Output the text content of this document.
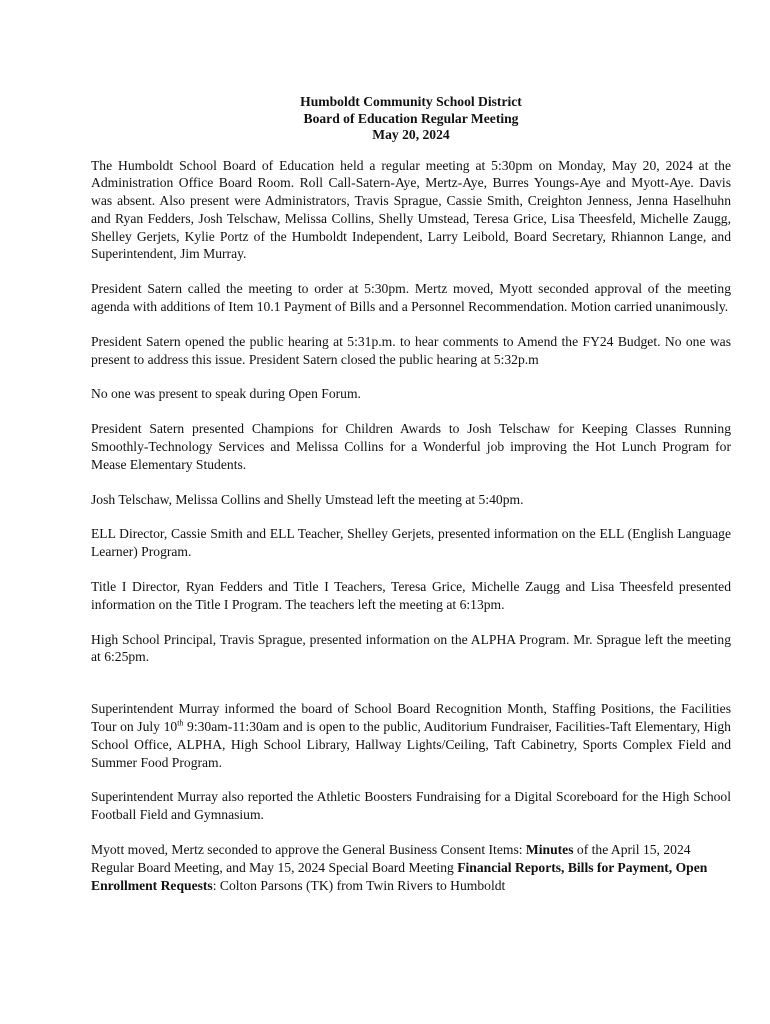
Humboldt Community School District
Board of Education Regular Meeting
May 20, 2024

The Humboldt School Board of Education held a regular meeting at 5:30pm on Monday, May 20, 2024 at the Administration Office Board Room. Roll Call-Satern-Aye, Mertz-Aye, Burres Youngs-Aye and Myott-Aye. Davis was absent. Also present were Administrators, Travis Sprague, Cassie Smith, Creighton Jenness, Jenna Haselhuhn and Ryan Fedders, Josh Telschaw, Melissa Collins, Shelly Umstead, Teresa Grice, Lisa Theesfeld, Michelle Zaugg, Shelley Gerjets, Kylie Portz of the Humboldt Independent, Larry Leibold, Board Secretary, Rhiannon Lange, and Superintendent, Jim Murray.

President Satern called the meeting to order at 5:30pm. Mertz moved, Myott seconded approval of the meeting agenda with additions of Item 10.1 Payment of Bills and a Personnel Recommendation. Motion carried unanimously.

President Satern opened the public hearing at 5:31p.m. to hear comments to Amend the FY24 Budget. No one was present to address this issue. President Satern closed the public hearing at 5:32p.m

No one was present to speak during Open Forum.

President Satern presented Champions for Children Awards to Josh Telschaw for Keeping Classes Running Smoothly-Technology Services and Melissa Collins for a Wonderful job improving the Hot Lunch Program for Mease Elementary Students.

Josh Telschaw, Melissa Collins and Shelly Umstead left the meeting at 5:40pm.

ELL Director, Cassie Smith and ELL Teacher, Shelley Gerjets, presented information on the ELL (English Language Learner) Program.

Title I Director, Ryan Fedders and Title I Teachers, Teresa Grice, Michelle Zaugg and Lisa Theesfeld presented information on the Title I Program. The teachers left the meeting at 6:13pm.

High School Principal, Travis Sprague, presented information on the ALPHA Program. Mr. Sprague left the meeting at 6:25pm.

Superintendent Murray informed the board of School Board Recognition Month, Staffing Positions, the Facilities Tour on July 10th 9:30am-11:30am and is open to the public, Auditorium Fundraiser, Facilities-Taft Elementary, High School Office, ALPHA, High School Library, Hallway Lights/Ceiling, Taft Cabinetry, Sports Complex Field and Summer Food Program.

Superintendent Murray also reported the Athletic Boosters Fundraising for a Digital Scoreboard for the High School Football Field and Gymnasium.

Myott moved, Mertz seconded to approve the General Business Consent Items: Minutes of the April 15, 2024 Regular Board Meeting, and May 15, 2024 Special Board Meeting Financial Reports, Bills for Payment, Open Enrollment Requests: Colton Parsons (TK) from Twin Rivers to Humboldt
